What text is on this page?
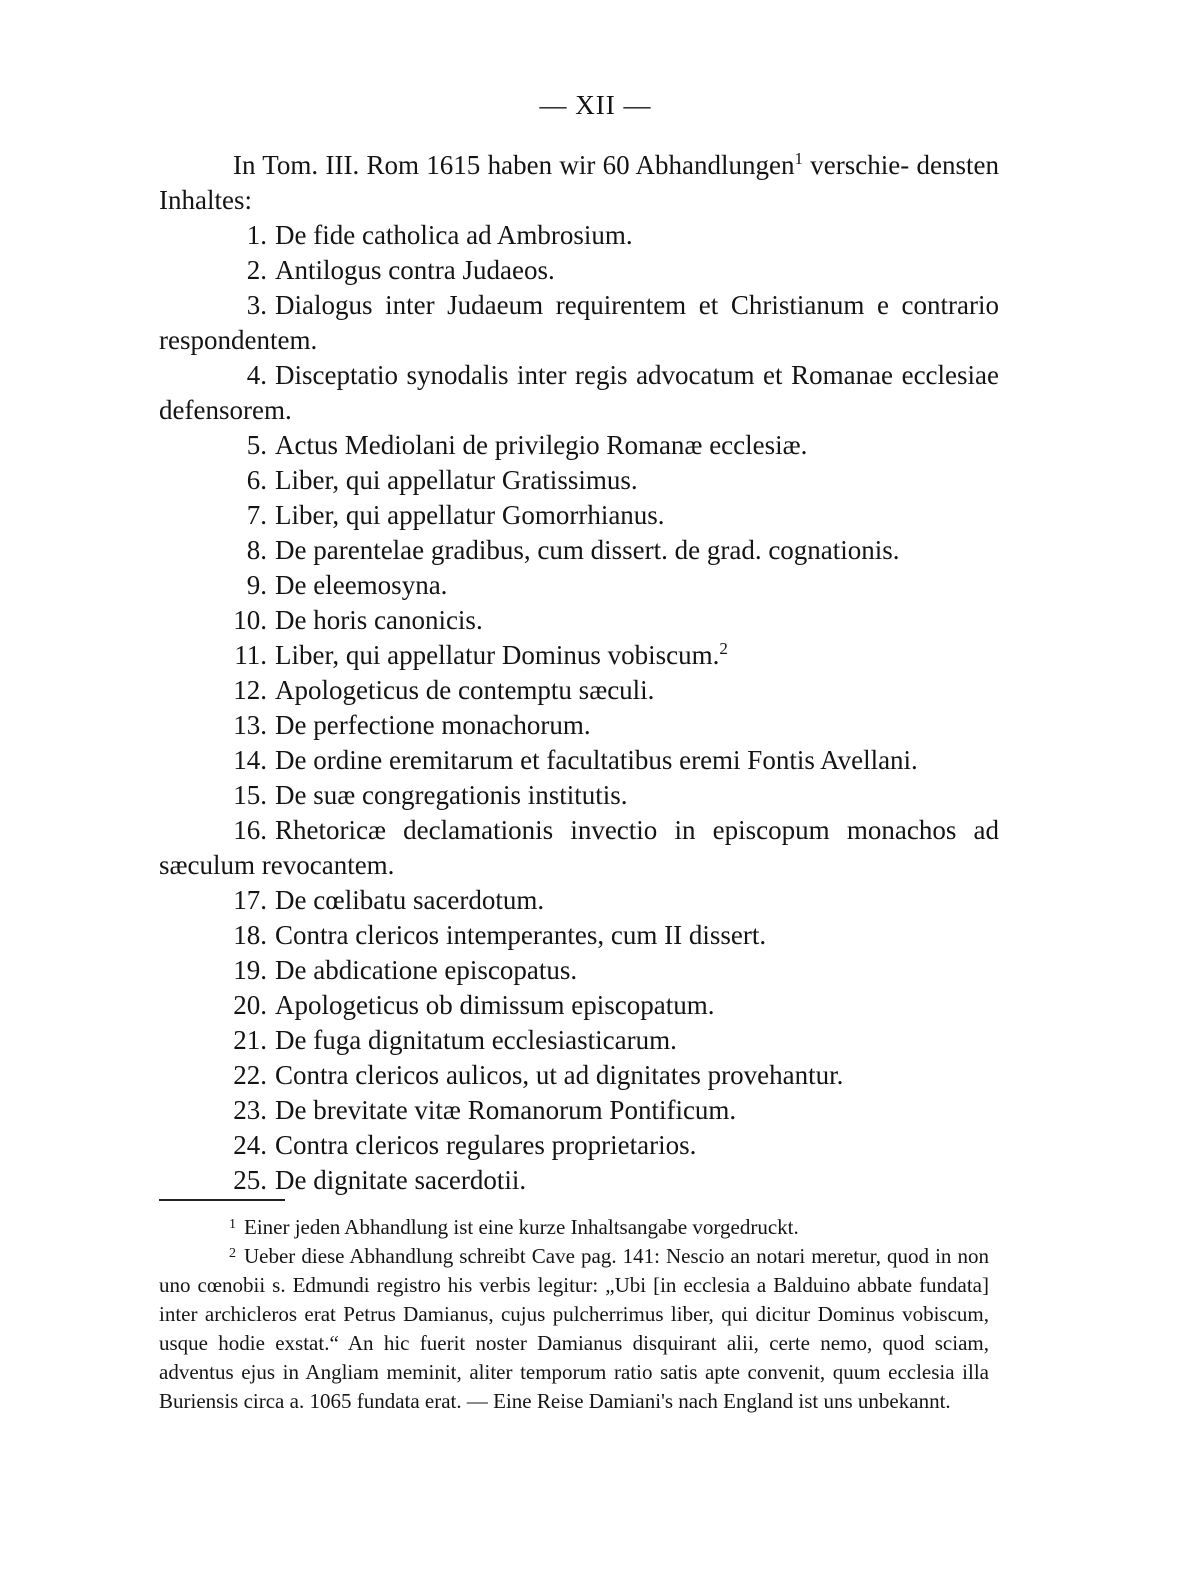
— XII —
In Tom. III. Rom 1615 haben wir 60 Abhandlungen$^1$ verschie- densten Inhaltes:
1. De fide catholica ad Ambrosium.
2. Antilogus contra Judaeos.
3. Dialogus inter Judaeum requirentem et Christianum e contrario respondentem.
4. Disceptatio synodalis inter regis advocatum et Romanae ecclesiae defensorem.
5. Actus Mediolani de privilegio Romanæ ecclesiæ.
6. Liber, qui appellatur Gratissimus.
7. Liber, qui appellatur Gomorrhianus.
8. De parentelae gradibus, cum dissert. de grad. cognationis.
9. De eleemosyna.
10. De horis canonicis.
11. Liber, qui appellatur Dominus vobiscum.$^2$
12. Apologeticus de contemptu sæculi.
13. De perfectione monachorum.
14. De ordine eremitarum et facultatibus eremi Fontis Avellani.
15. De suæ congregationis institutis.
16. Rhetoricæ declamationis invectio in episcopum monachos ad sæculum revocantem.
17. De cœlibatu sacerdotum.
18. Contra clericos intemperantes, cum II dissert.
19. De abdicatione episcopatus.
20. Apologeticus ob dimissum episcopatum.
21. De fuga dignitatum ecclesiasticarum.
22. Contra clericos aulicos, ut ad dignitates provehantur.
23. De brevitate vitæ Romanorum Pontificum.
24. Contra clericos regulares proprietarios.
25. De dignitate sacerdotii.

$^1$ Einer jeden Abhandlung ist eine kurze Inhaltsangabe vorgedruckt.

$^2$ Ueber diese Abhandlung schreibt Cave pag. 141: Nescio an notari meretur, quod in non uno cœnobii s. Edmundi registro his verbis legitur: „Ubi [in ecclesia a Balduino abbate fundata] inter archicleros erat Petrus Damianus, cujus pulcherrimus liber, qui dicitur Dominus vobiscum, usque hodie exstat.“ An hic fuerit noster Damianus disquirant alii, certe nemo, quod sciam, adventus ejus in Angliam meminit, aliter temporum ratio satis apte convenit, quum ecclesia illa Buriensis circa a. 1065 fundata erat. — Eine Reise Damiani's nach England ist uns unbekannt.
